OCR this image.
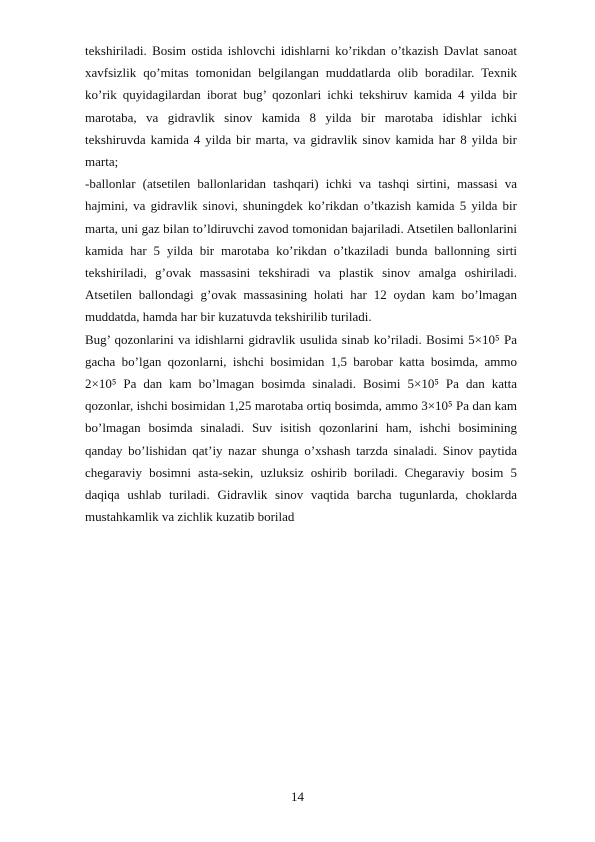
tekshiriladi. Bosim ostida ishlovchi idishlarni ko’rikdan o’tkazish Davlat sanoat xavfsizlik qo’mitas tomonidan belgilangan muddatlarda olib boradilar. Texnik ko’rik quyidagilardan iborat bug’ qozonlari ichki tekshiruv kamida 4 yilda bir marotaba, va gidravlik sinov kamida 8 yilda bir marotaba idishlar ichki tekshiruvda kamida 4 yilda bir marta, va gidravlik sinov kamida har 8 yilda bir marta;

-ballonlar (atsetilen ballonlaridan tashqari) ichki va tashqi sirtini, massasi va hajmini, va gidravlik sinovi, shuningdek ko’rikdan o’tkazish kamida 5 yilda bir marta, uni gaz bilan to’ldiruvchi zavod tomonidan bajariladi. Atsetilen ballonlarini kamida har 5 yilda bir marotaba ko’rikdan o’tkaziladi bunda ballonning sirti tekshiriladi, g’ovak massasini tekshiradi va plastik sinov amalga oshiriladi. Atsetilen ballondagi g’ovak massasining holati har 12 oydan kam bo’lmagan muddatda, hamda har bir kuzatuvda tekshirilib turiladi.

Bug’ qozonlarini va idishlarni gidravlik usulida sinab ko’riladi. Bosimi 5×10⁵ Pa gacha bo’lgan qozonlarni, ishchi bosimidan 1,5 barobar katta bosimda, ammo 2×10⁵ Pa dan kam bo’lmagan bosimda sinaladi. Bosimi 5×10⁵ Pa dan katta qozonlar, ishchi bosimidan 1,25 marotaba ortiq bosimda, ammo 3×10⁵ Pa dan kam bo’lmagan bosimda sinaladi. Suv isitish qozonlarini ham, ishchi bosimining qanday bo’lishidan qat’iy nazar shunga o’xshash tarzda sinaladi. Sinov paytida chegaraviy bosimni asta-sekin, uzluksiz oshirib boriladi. Chegaraviy bosim 5 daqiqa ushlab turiladi. Gidravlik sinov vaqtida barcha tugunlarda, choklarda mustahkamlik va zichlik kuzatib borilad

14
